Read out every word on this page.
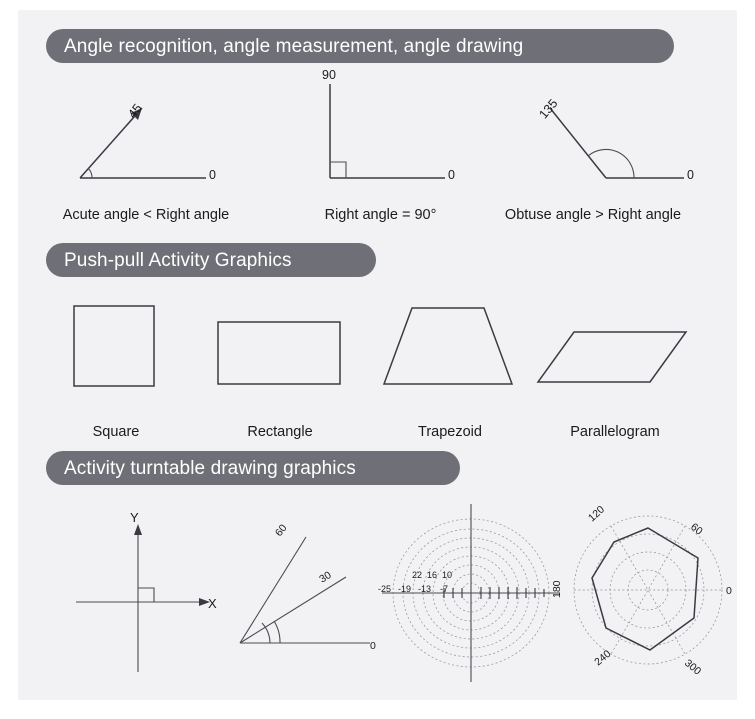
Angle recognition, angle measurement, angle drawing
45
0
Acute angle < Right angle
90
0
Right angle = 90°
135
0
Obtuse angle > Right angle
Push-pull Activity Graphics
Square	Rectangle	Trapezoid	Parallelogram
Activity turntable drawing graphics
Y
X
60
30
0
22 16 10
-25 -19 -13 -7
120
60
180	0
240	300
